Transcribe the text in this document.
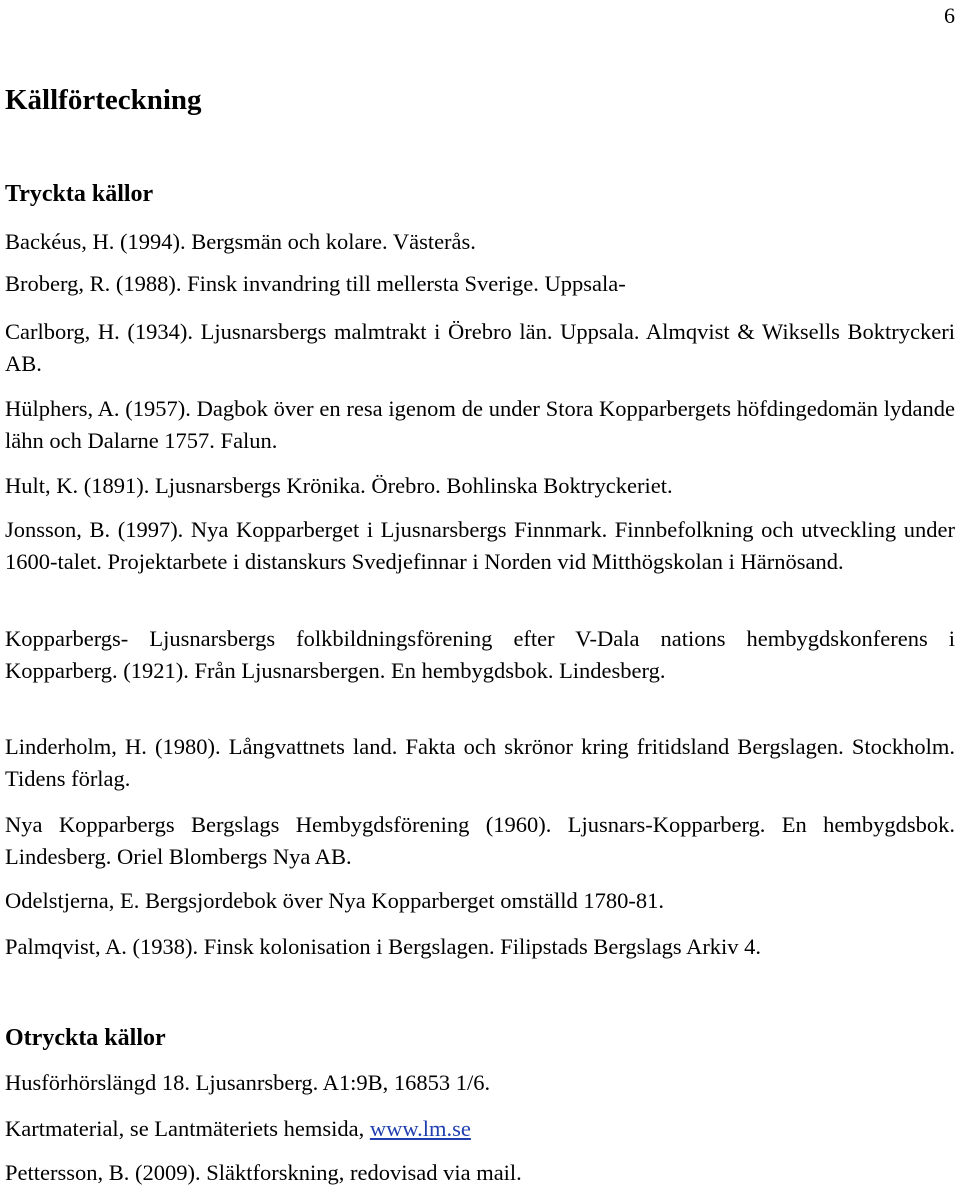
6
Källförteckning
Tryckta källor

Backéus, H. (1994). Bergsmän och kolare. Västerås.

Broberg, R. (1988). Finsk invandring till mellersta Sverige. Uppsala-

Carlborg, H. (1934). Ljusnarsbergs malmtrakt i Örebro län. Uppsala. Almqvist & Wiksells Boktryckeri AB.

Hülphers, A. (1957). Dagbok över en resa igenom de under Stora Kopparbergets höfdingedomän lydande lähn och Dalarne 1757. Falun.

Hult, K. (1891). Ljusnarsbergs Krönika. Örebro. Bohlinska Boktryckeriet.

Jonsson, B. (1997). Nya Kopparberget i Ljusnarsbergs Finnmark. Finnbefolkning och utveckling under 1600-talet. Projektarbete i distanskurs Svedjefinnar i Norden vid Mitthögskolan i Härnösand.

Kopparbergs- Ljusnarsbergs folkbildningsförening efter V-Dala nations hembygdskonferens i Kopparberg. (1921). Från Ljusnarsbergen. En hembygdsbok. Lindesberg.

Linderholm, H. (1980). Långvattnets land. Fakta och skrönor kring fritidsland Bergslagen. Stockholm. Tidens förlag.

Nya Kopparbergs Bergslags Hembygdsförening (1960). Ljusnars-Kopparberg. En hembygdsbok. Lindesberg. Oriel Blombergs Nya AB.

Odelstjerna, E. Bergsjordebok över Nya Kopparberget omställd 1780-81.

Palmqvist, A. (1938). Finsk kolonisation i Bergslagen. Filipstads Bergslags Arkiv 4.

Otryckta källor

Husförhörslängd 18. Ljusanrsberg. A1:9B, 16853 1/6.

Kartmaterial, se Lantmäteriets hemsida, www.lm.se

Pettersson, B. (2009). Släktforskning, redovisad via mail.
